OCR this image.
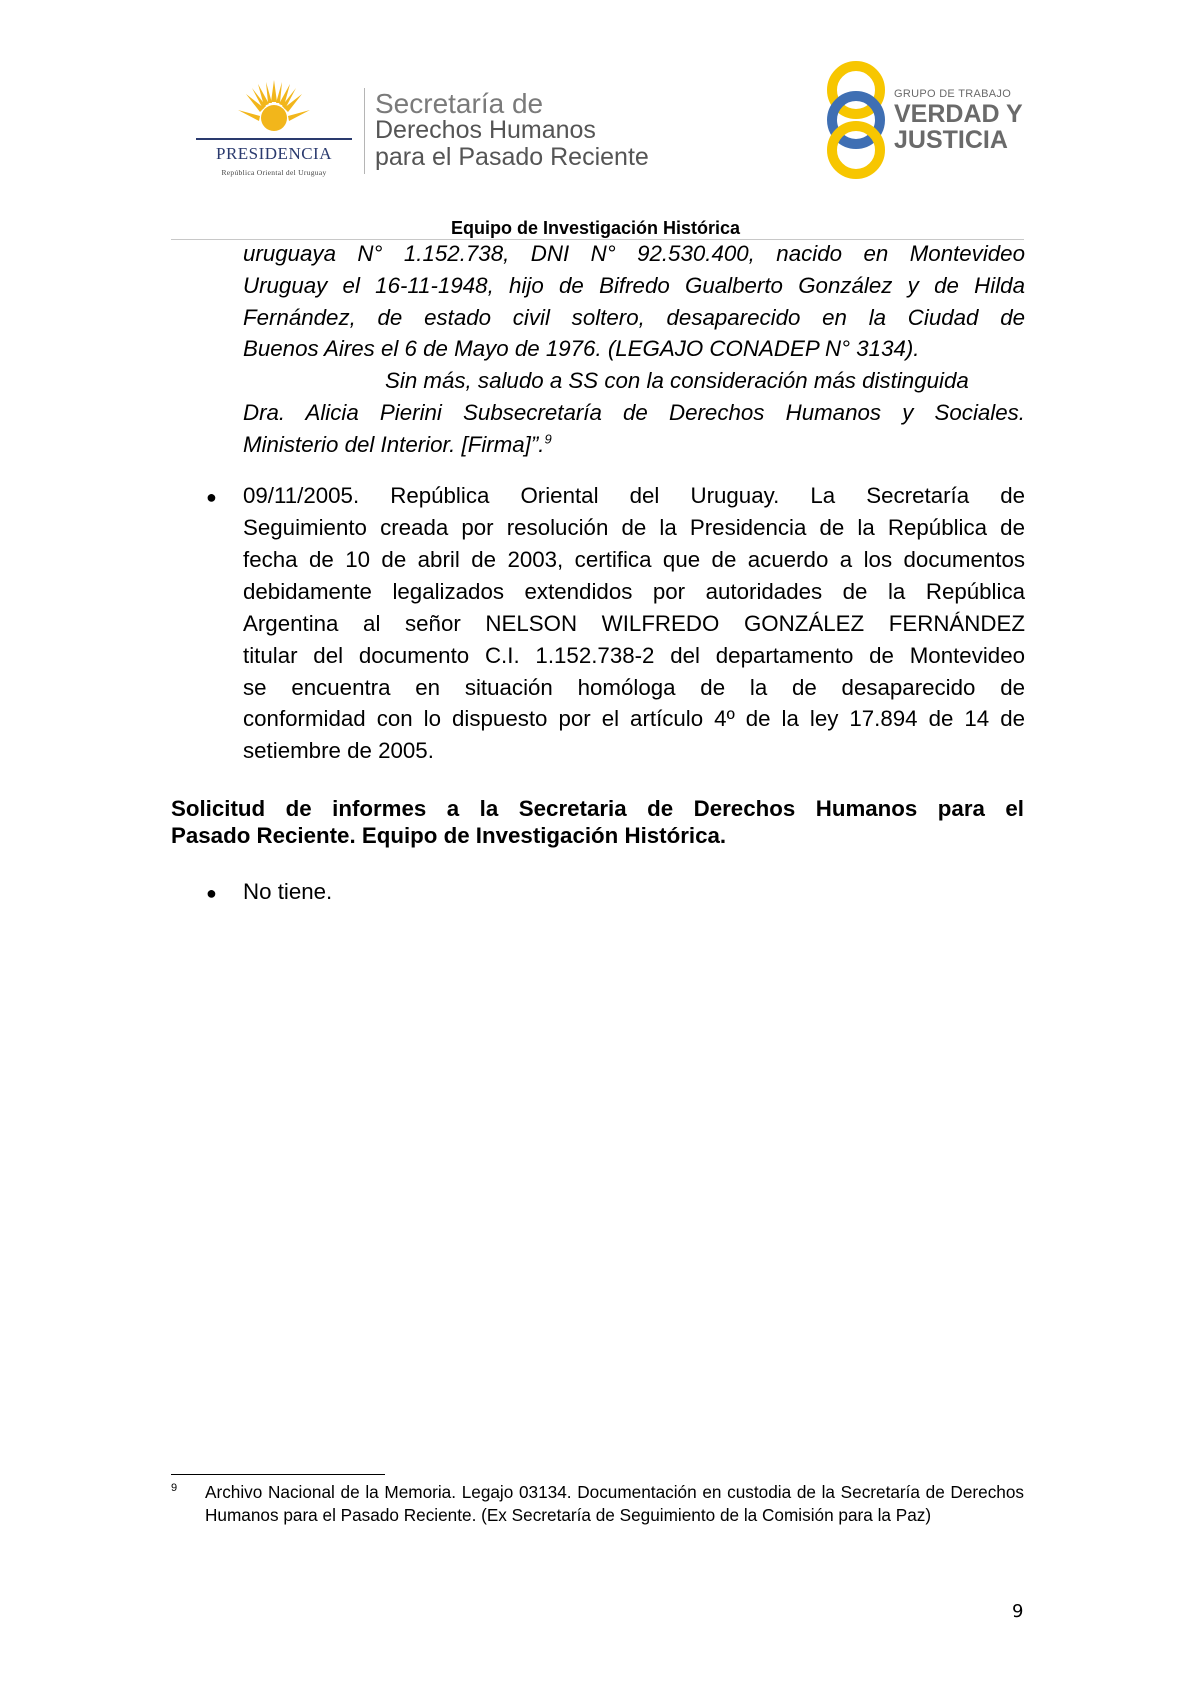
PRESIDENCIA
República Oriental del Uruguay
Secretaría de
Derechos Humanos
para el Pasado Reciente
GRUPO DE TRABAJO
VERDAD Y
JUSTICIA
Equipo de Investigación Histórica
uruguaya N° 1.152.738, DNI N° 92.530.400, nacido en Montevideo
Uruguay el 16-11-1948, hijo de Bifredo Gualberto González y de Hilda
Fernández, de estado civil soltero, desaparecido en la Ciudad de
Buenos Aires el 6 de Mayo de 1976. (LEGAJO CONADEP N° 3134).
Sin más, saludo a SS con la consideración más distinguida
Dra. Alicia Pierini Subsecretaría de Derechos Humanos y Sociales.
Ministerio del Interior. [Firma]”.$^9$
● 09/11/2005. República Oriental del Uruguay. La Secretaría de
Seguimiento creada por resolución de la Presidencia de la República de
fecha de 10 de abril de 2003, certifica que de acuerdo a los documentos
debidamente legalizados extendidos por autoridades de la República
Argentina al señor NELSON WILFREDO GONZÁLEZ FERNÁNDEZ
titular del documento C.I. 1.152.738-2 del departamento de Montevideo
se encuentra en situación homóloga de la de desaparecido de
conformidad con lo dispuesto por el artículo 4º de la ley 17.894 de 14 de
setiembre de 2005.
Solicitud de informes a la Secretaria de Derechos Humanos para el
Pasado Reciente. Equipo de Investigación Histórica.
● No tiene.
9 Archivo Nacional de la Memoria. Legajo 03134. Documentación en custodia de la Secretaría de Derechos Humanos para el Pasado Reciente. (Ex Secretaría de Seguimiento de la Comisión para la Paz)
9
